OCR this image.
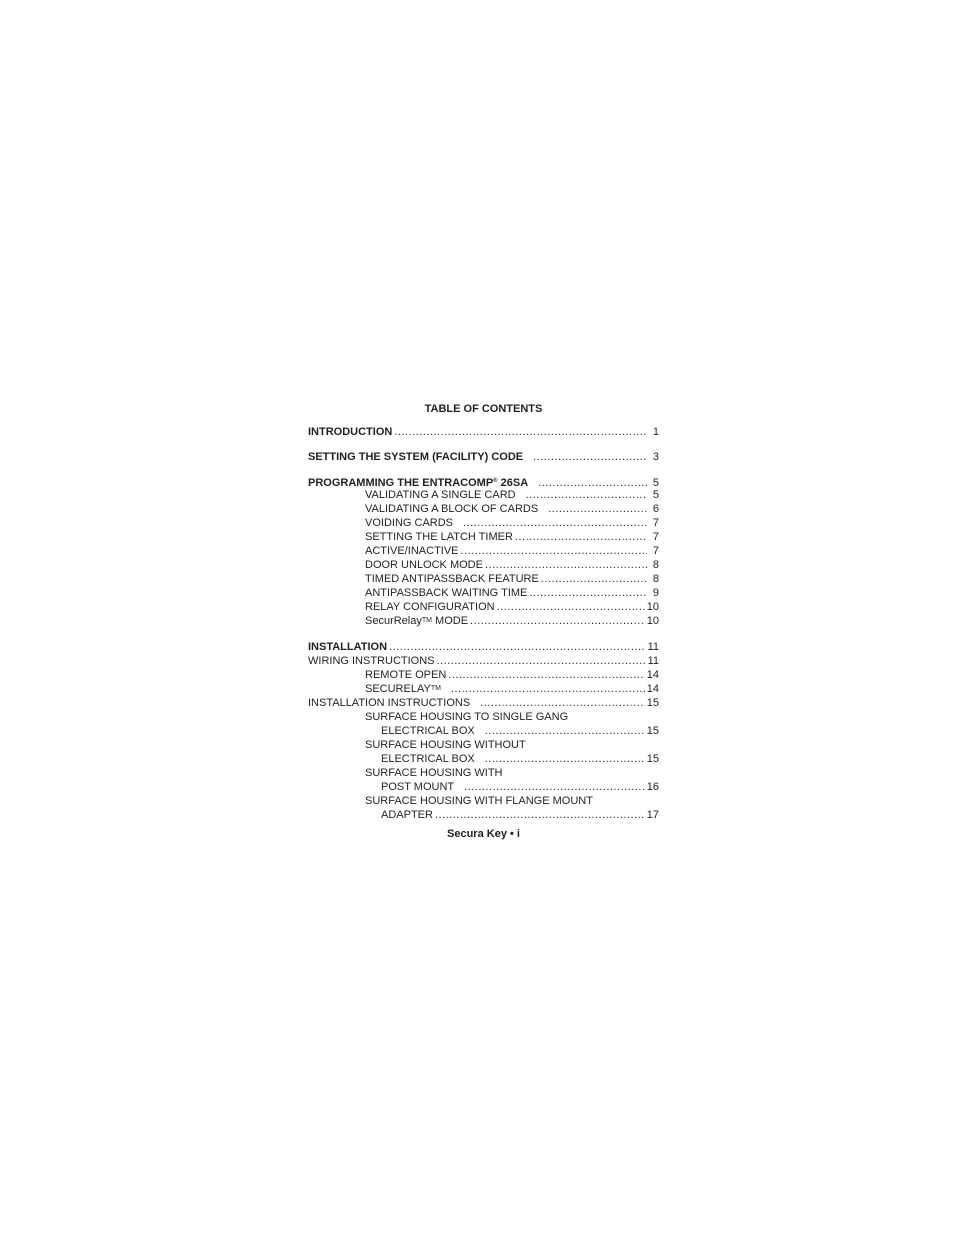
TABLE OF CONTENTS
INTRODUCTION .....	1
SETTING THE SYSTEM (FACILITY) CODE .....	3
PROGRAMMING THE ENTRACOMP® 26SA .....	5
VALIDATING A SINGLE CARD .....	5
VALIDATING A BLOCK OF CARDS .....	6
VOIDING CARDS .....	7
SETTING THE LATCH TIMER .....	7
ACTIVE/INACTIVE .....	7
DOOR UNLOCK MODE .....	8
TIMED ANTIPASSBACK FEATURE .....	8
ANTIPASSBACK WAITING TIME .....	9
RELAY CONFIGURATION .....	10
SecurRelayTM MODE .....	10
INSTALLATION .....	11
WIRING INSTRUCTIONS .....	11
REMOTE OPEN .....	14
SECURELAYTM .....	14
INSTALLATION INSTRUCTIONS .....	15
SURFACE HOUSING TO SINGLE GANG
ELECTRICAL BOX .....	15
SURFACE HOUSING WITHOUT
ELECTRICAL BOX .....	15
SURFACE HOUSING WITH
POST MOUNT .....	16
SURFACE HOUSING WITH FLANGE MOUNT
ADAPTER .....	17
Secura Key • i
